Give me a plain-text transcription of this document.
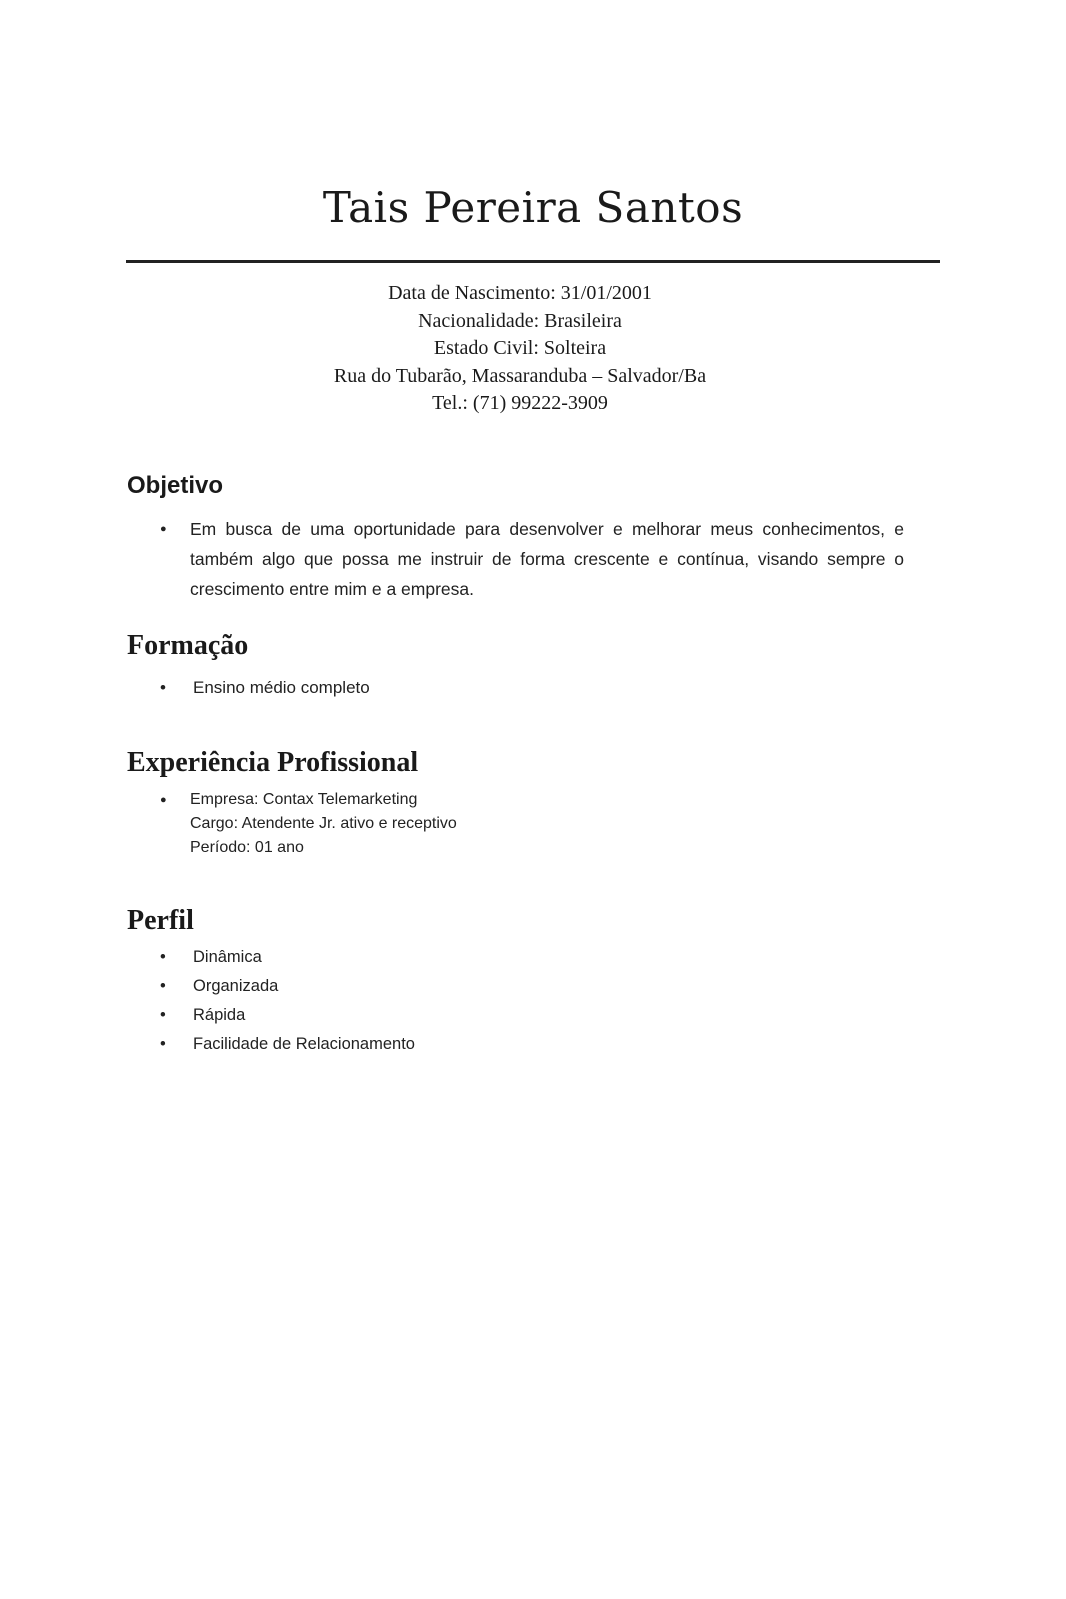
Tais Pereira Santos
Data de Nascimento: 31/01/2001
Nacionalidade: Brasileira
Estado Civil: Solteira
Rua do Tubarão, Massaranduba – Salvador/Ba
Tel.: (71) 99222-3909
Objetivo
● Em busca de uma oportunidade para desenvolver e melhorar meus conhecimentos, e também algo que possa me instruir de forma crescente e contínua, visando sempre o crescimento entre mim e a empresa.
Formação
• Ensino médio completo
Experiência Profissional
● Empresa: Contax Telemarketing
Cargo: Atendente Jr. ativo e receptivo
Período: 01 ano
Perfil
• Dinâmica
• Organizada
• Rápida
• Facilidade de Relacionamento
